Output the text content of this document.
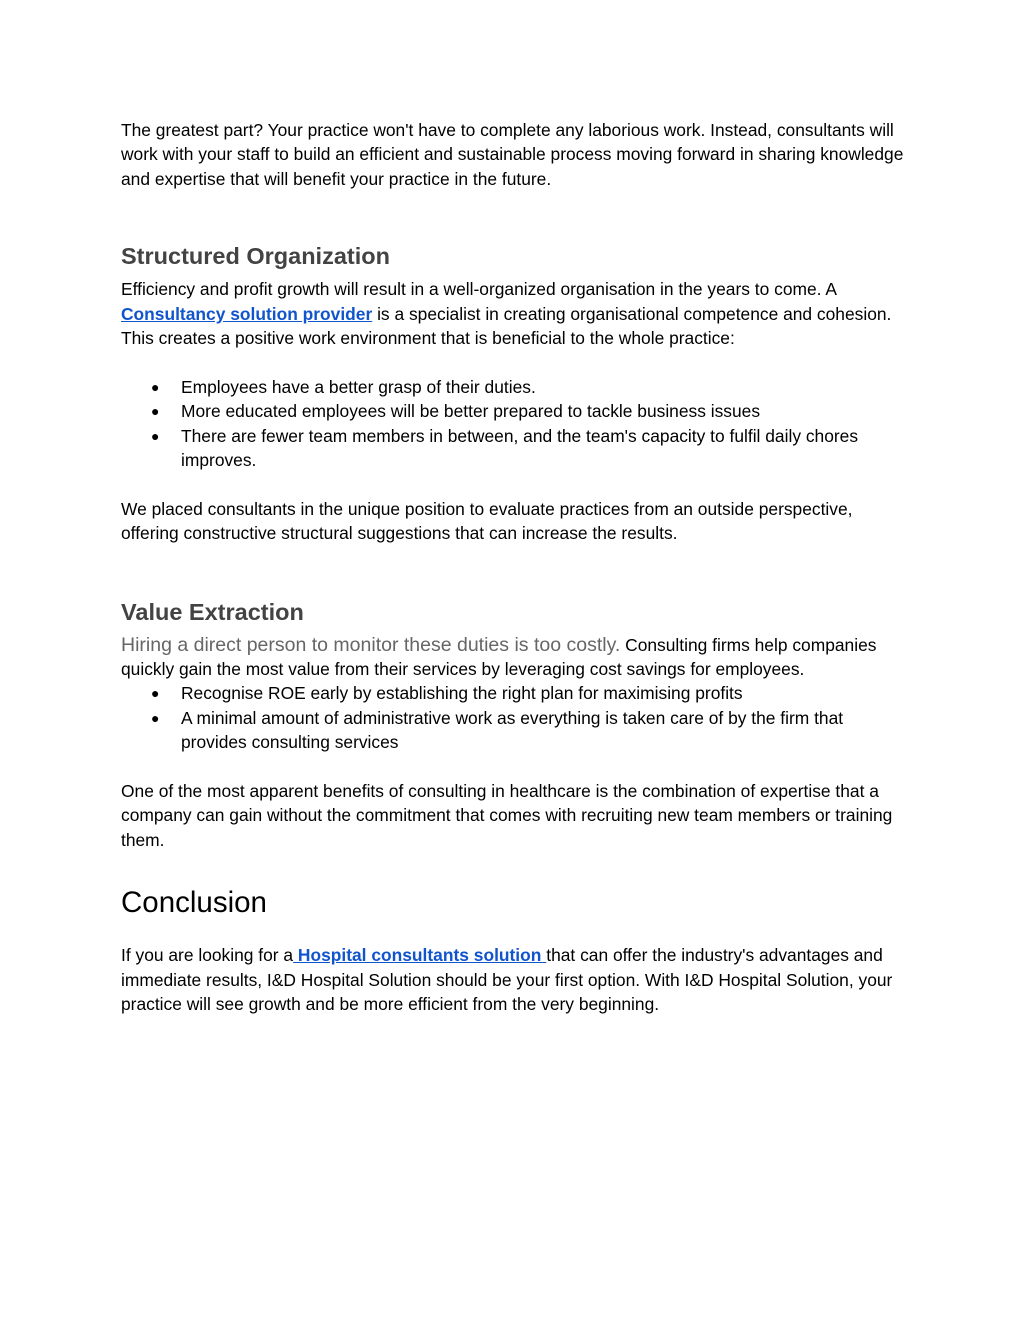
The greatest part? Your practice won't have to complete any laborious work. Instead, consultants will work with your staff to build an efficient and sustainable process moving forward in sharing knowledge and expertise that will benefit your practice in the future.

Structured Organization

Efficiency and profit growth will result in a well-organized organisation in the years to come. A Consultancy solution provider is a specialist in creating organisational competence and cohesion. This creates a positive work environment that is beneficial to the whole practice:

● Employees have a better grasp of their duties.
● More educated employees will be better prepared to tackle business issues
● There are fewer team members in between, and the team's capacity to fulfil daily chores improves.

We placed consultants in the unique position to evaluate practices from an outside perspective, offering constructive structural suggestions that can increase the results.

Value Extraction

Hiring a direct person to monitor these duties is too costly. Consulting firms help companies quickly gain the most value from their services by leveraging cost savings for employees.

● Recognise ROE early by establishing the right plan for maximising profits
● A minimal amount of administrative work as everything is taken care of by the firm that provides consulting services

One of the most apparent benefits of consulting in healthcare is the combination of expertise that a company can gain without the commitment that comes with recruiting new team members or training them.

Conclusion

If you are looking for a Hospital consultants solution that can offer the industry's advantages and immediate results, I&D Hospital Solution should be your first option. With I&D Hospital Solution, your practice will see growth and be more efficient from the very beginning.
